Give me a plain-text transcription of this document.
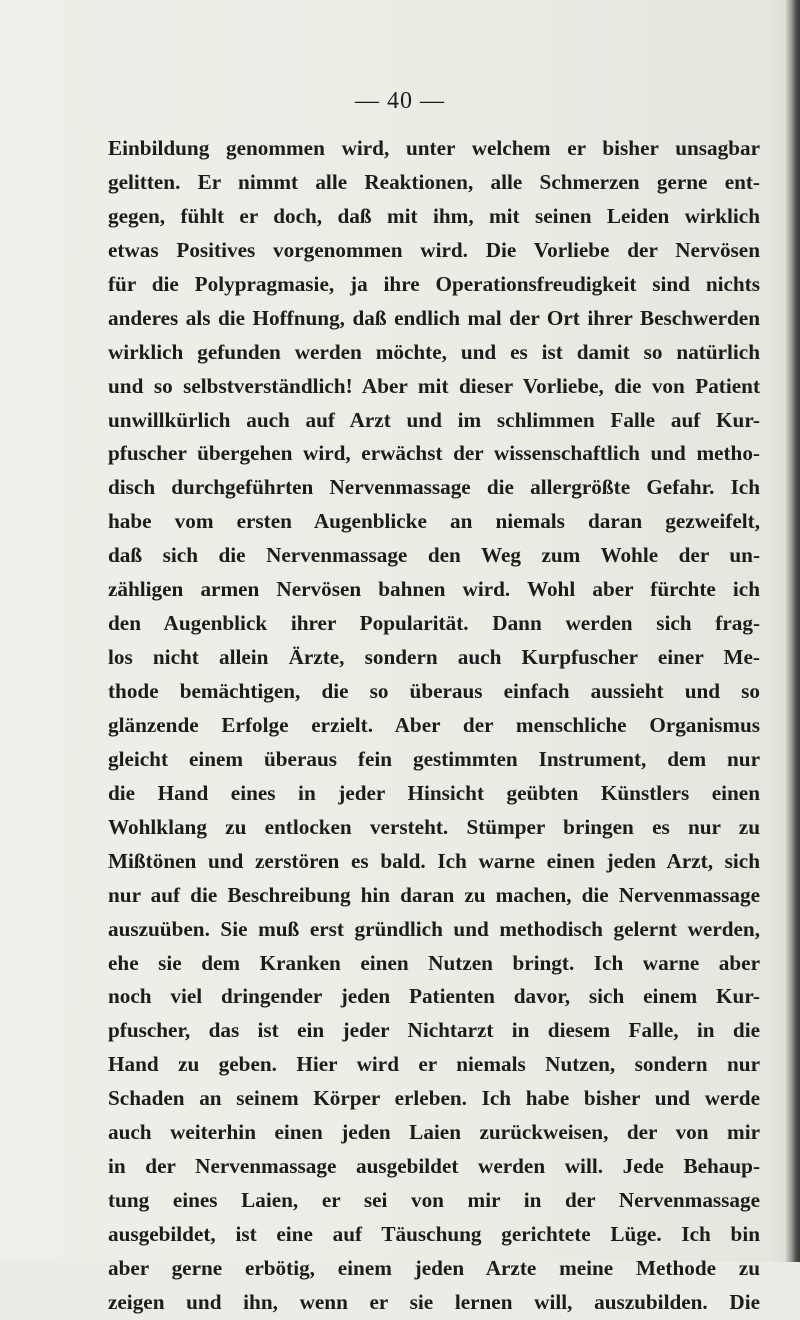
— 40 —
Einbildung genommen wird, unter welchem er bisher unsagbar
gelitten. Er nimmt alle Reaktionen, alle Schmerzen gerne ent-
gegen, fühlt er doch, daß mit ihm, mit seinen Leiden wirklich
etwas Positives vorgenommen wird. Die Vorliebe der Nervösen
für die Polypragmasie, ja ihre Operationsfreudigkeit sind nichts
anderes als die Hoffnung, daß endlich mal der Ort ihrer Beschwerden
wirklich gefunden werden möchte, und es ist damit so natürlich
und so selbstverständlich! Aber mit dieser Vorliebe, die von Patient
unwillkürlich auch auf Arzt und im schlimmen Falle auf Kur-
pfuscher übergehen wird, erwächst der wissenschaftlich und metho-
disch durchgeführten Nervenmassage die allergrößte Gefahr. Ich
habe vom ersten Augenblicke an niemals daran gezweifelt,
daß sich die Nervenmassage den Weg zum Wohle der un-
zähligen armen Nervösen bahnen wird. Wohl aber fürchte ich
den Augenblick ihrer Popularität. Dann werden sich frag-
los nicht allein Ärzte, sondern auch Kurpfuscher einer Me-
thode bemächtigen, die so überaus einfach aussieht und so
glänzende Erfolge erzielt. Aber der menschliche Organismus
gleicht einem überaus fein gestimmten Instrument, dem nur
die Hand eines in jeder Hinsicht geübten Künstlers einen
Wohlklang zu entlocken versteht. Stümper bringen es nur zu
Mißtönen und zerstören es bald. Ich warne einen jeden Arzt, sich
nur auf die Beschreibung hin daran zu machen, die Nervenmassage
auszuüben. Sie muß erst gründlich und methodisch gelernt werden,
ehe sie dem Kranken einen Nutzen bringt. Ich warne aber
noch viel dringender jeden Patienten davor, sich einem Kur-
pfuscher, das ist ein jeder Nichtarzt in diesem Falle, in die
Hand zu geben. Hier wird er niemals Nutzen, sondern nur
Schaden an seinem Körper erleben. Ich habe bisher und werde
auch weiterhin einen jeden Laien zurückweisen, der von mir
in der Nervenmassage ausgebildet werden will. Jede Behaup-
tung eines Laien, er sei von mir in der Nervenmassage
ausgebildet, ist eine auf Täuschung gerichtete Lüge. Ich bin
aber gerne erbötig, einem jeden Arzte meine Methode zu
zeigen und ihn, wenn er sie lernen will, auszubilden. Die
